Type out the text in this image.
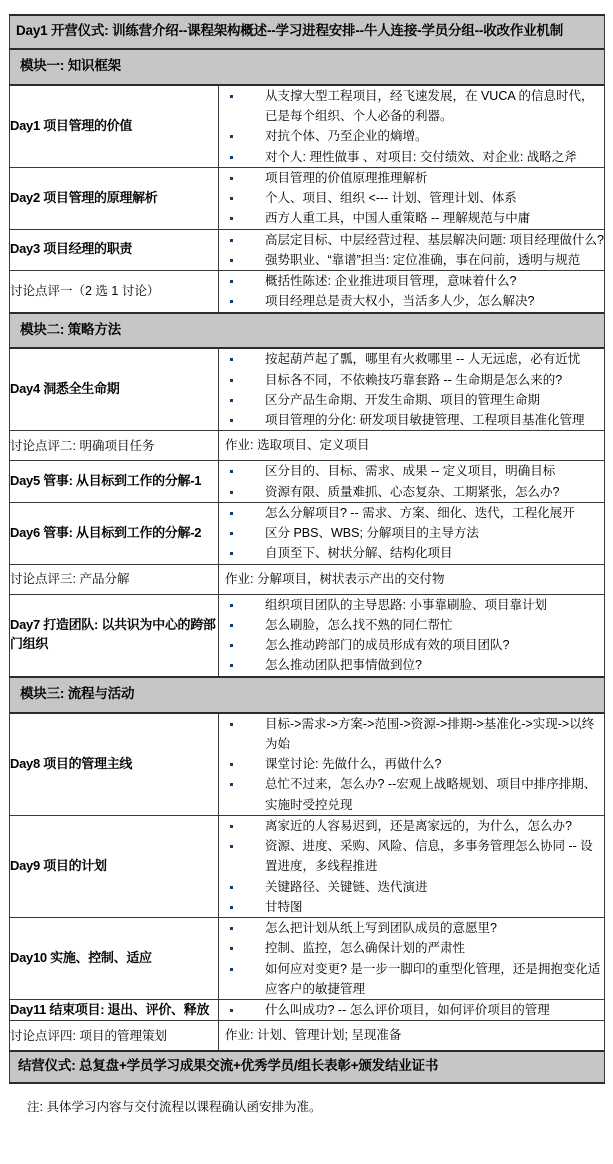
Day1 开营仪式: 训练营介绍--课程架构概述--学习进程安排--牛人连接-学员分组--收改作业机制	
模块一: 知识框架	
Day1 项目管理的价值	
从支撑大型工程项目，经飞速发展，在 VUCA 的信息时代，已是每个组织、个人必备的利器。
对抗个体、乃至企业的熵增。
对个人: 理性做事 、对项目: 交付绩效、对企业: 战略之斧

Day2 项目管理的原理解析	
项目管理的价值原理推理解析
个人、项目、组织 <--- 计划、管理计划、体系
西方人重工具，中国人重策略 -- 理解规范与中庸

Day3 项目经理的职责	
高层定目标、中层经营过程、基层解决问题: 项目经理做什么?
强势职业、“靠谱”担当: 定位准确，事在问前，透明与规范

讨论点评一（2 选 1 讨论）	
概括性陈述: 企业推进项目管理，意味着什么?
项目经理总是责大权小，当活多人少，怎么解决?

模块二: 策略方法	
Day4 洞悉全生命期	
按起葫芦起了瓢，哪里有火救哪里 -- 人无远虑，必有近忧
目标各不同，不依赖技巧靠套路 -- 生命期是怎么来的?
区分产品生命期、开发生命期、项目的管理生命期
项目管理的分化: 研发项目敏捷管理、工程项目基准化管理

讨论点评二: 明确项目任务	作业: 选取项目、定义项目

Day5 管事: 从目标到工作的分解-1	
区分目的、目标、需求、成果 -- 定义项目，明确目标
资源有限、质量难抓、心态复杂、工期紧张，怎么办?

Day6 管事: 从目标到工作的分解-2	
怎么分解项目? -- 需求、方案、细化、迭代，工程化展开
区分 PBS、WBS; 分解项目的主导方法
自顶至下、树状分解、结构化项目

讨论点评三: 产品分解	作业: 分解项目，树状表示产出的交付物

Day7 打造团队: 以共识为中心的跨部门组织	
组织项目团队的主导思路: 小事靠刷脸、项目靠计划
怎么刷脸，怎么找不熟的同仁帮忙
怎么推动跨部门的成员形成有效的项目团队?
怎么推动团队把事情做到位?

模块三: 流程与活动	
Day8 项目的管理主线	
目标->需求->方案->范围->资源->排期->基准化->实现->以终为始
课堂讨论: 先做什么，再做什么?
总忙不过来，怎么办? --宏观上战略规划、项目中排序排期、实施时受控兑现

Day9 项目的计划	
离家近的人容易迟到，还是离家远的，为什么，怎么办?
资源、进度、采购、风险、信息，多事务管理怎么协同 -- 设置进度，多线程推进
关键路径、关键链、迭代演进
甘特图

Day10 实施、控制、适应	
怎么把计划从纸上写到团队成员的意愿里?
控制、监控，怎么确保计划的严肃性
如何应对变更? 是一步一脚印的重型化管理，还是拥抱变化适应客户的敏捷管理

Day11 结束项目: 退出、评价、释放	什么叫成功? -- 怎么评价项目，如何评价项目的管理

讨论点评四: 项目的管理策划	作业: 计划、管理计划; 呈现准备

结营仪式: 总复盘+学员学习成果交流+优秀学员/组长表彰+颁发结业证书	
注: 具体学习内容与交付流程以课程确认函安排为准。
